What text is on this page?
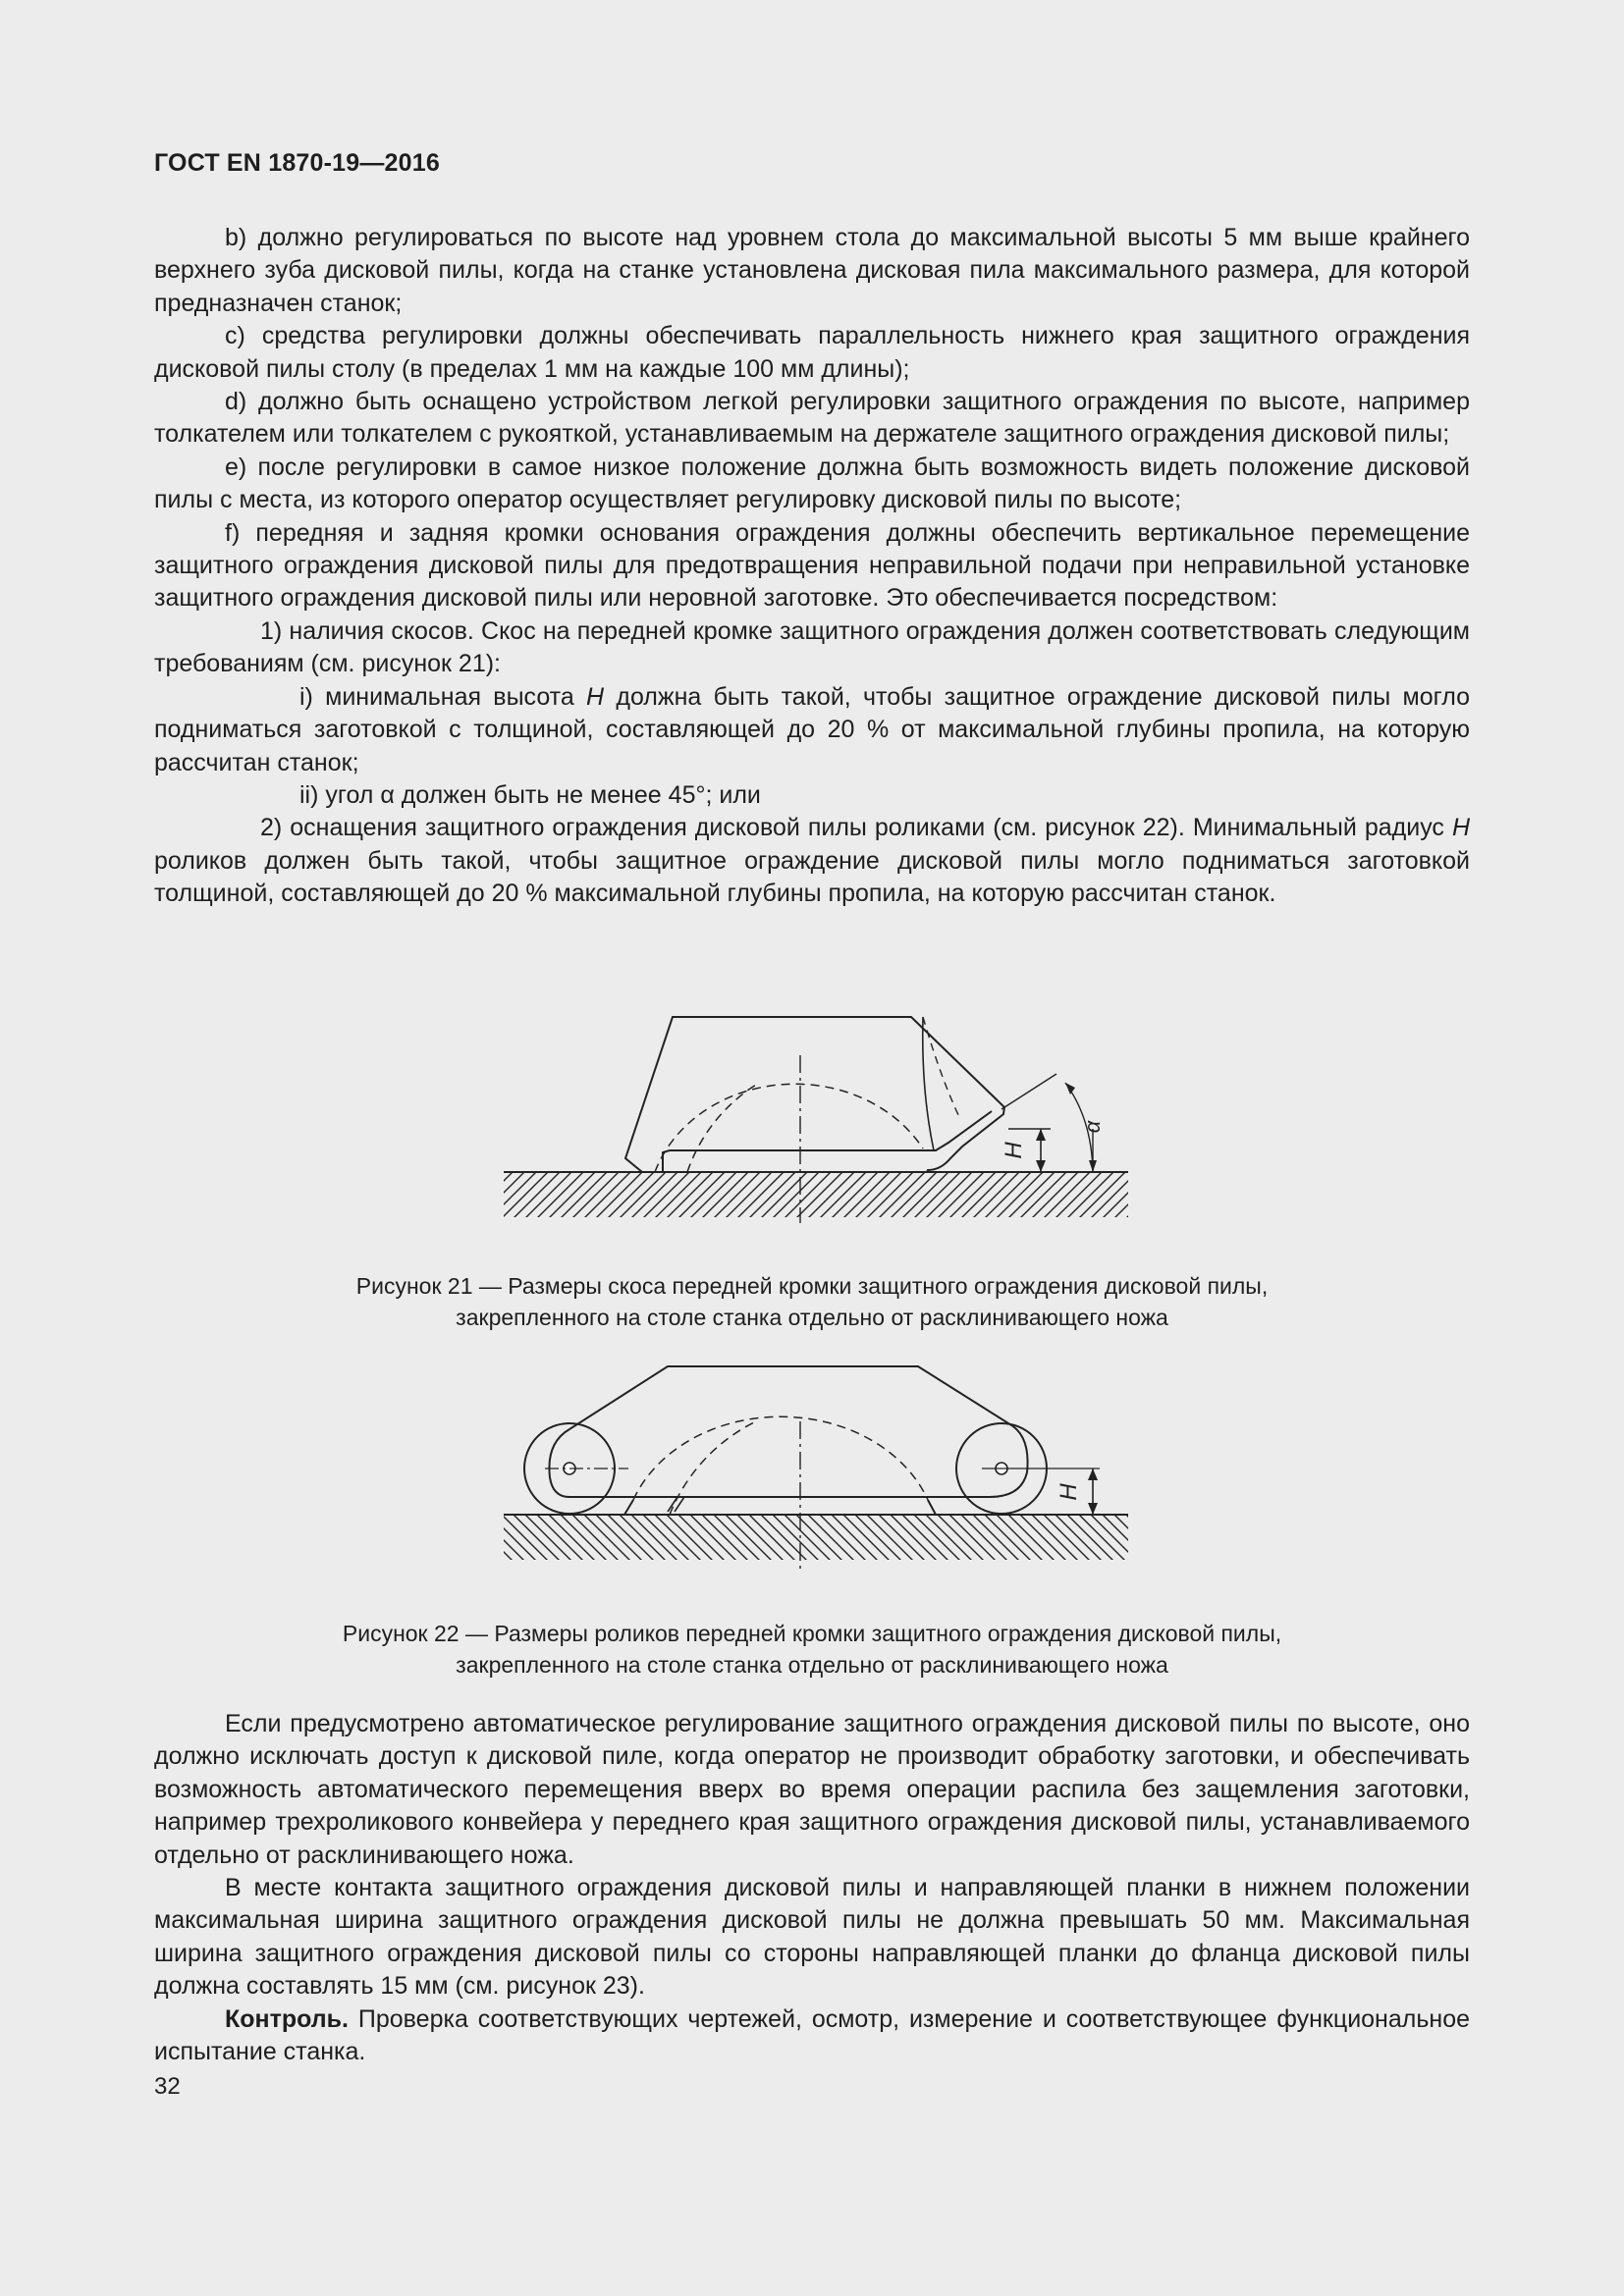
ГОСТ EN 1870-19—2016

b) должно регулироваться по высоте над уровнем стола до максимальной высоты 5 мм выше крайнего верхнего зуба дисковой пилы, когда на станке установлена дисковая пила максимального размера, для которой предназначен станок;

c) средства регулировки должны обеспечивать параллельность нижнего края защитного ограждения дисковой пилы столу (в пределах 1 мм на каждые 100 мм длины);

d) должно быть оснащено устройством легкой регулировки защитного ограждения по высоте, например толкателем или толкателем с рукояткой, устанавливаемым на держателе защитного ограждения дисковой пилы;

e) после регулировки в самое низкое положение должна быть возможность видеть положение дисковой пилы с места, из которого оператор осуществляет регулировку дисковой пилы по высоте;

f) передняя и задняя кромки основания ограждения должны обеспечить вертикальное перемещение защитного ограждения дисковой пилы для предотвращения неправильной подачи при неправильной установке защитного ограждения дисковой пилы или неровной заготовке. Это обеспечивается посредством:

1) наличия скосов. Скос на передней кромке защитного ограждения должен соответствовать следующим требованиям (см. рисунок 21):

i) минимальная высота H должна быть такой, чтобы защитное ограждение дисковой пилы могло подниматься заготовкой с толщиной, составляющей до 20 % от максимальной глубины пропила, на которую рассчитан станок;

ii) угол α должен быть не менее 45°; или

2) оснащения защитного ограждения дисковой пилы роликами (см. рисунок 22). Минимальный радиус H роликов должен быть такой, чтобы защитное ограждение дисковой пилы могло подниматься заготовкой толщиной, составляющей до 20 % максимальной глубины пропила, на которую рассчитан станок.

H
α
Рисунок 21 — Размеры скоса передней кромки защитного ограждения дисковой пилы,
закрепленного на столе станка отдельно от расклинивающего ножа
H
Рисунок 22 — Размеры роликов передней кромки защитного ограждения дисковой пилы,
закрепленного на столе станка отдельно от расклинивающего ножа

Если предусмотрено автоматическое регулирование защитного ограждения дисковой пилы по высоте, оно должно исключать доступ к дисковой пиле, когда оператор не производит обработку заготовки, и обеспечивать возможность автоматического перемещения вверх во время операции распила без защемления заготовки, например трехроликового конвейера у переднего края защитного ограждения дисковой пилы, устанавливаемого отдельно от расклинивающего ножа.

В месте контакта защитного ограждения дисковой пилы и направляющей планки в нижнем положении максимальная ширина защитного ограждения дисковой пилы не должна превышать 50 мм. Максимальная ширина защитного ограждения дисковой пилы со стороны направляющей планки до фланца дисковой пилы должна составлять 15 мм (см. рисунок 23).

Контроль. Проверка соответствующих чертежей, осмотр, измерение и соответствующее функциональное испытание станка.

32
